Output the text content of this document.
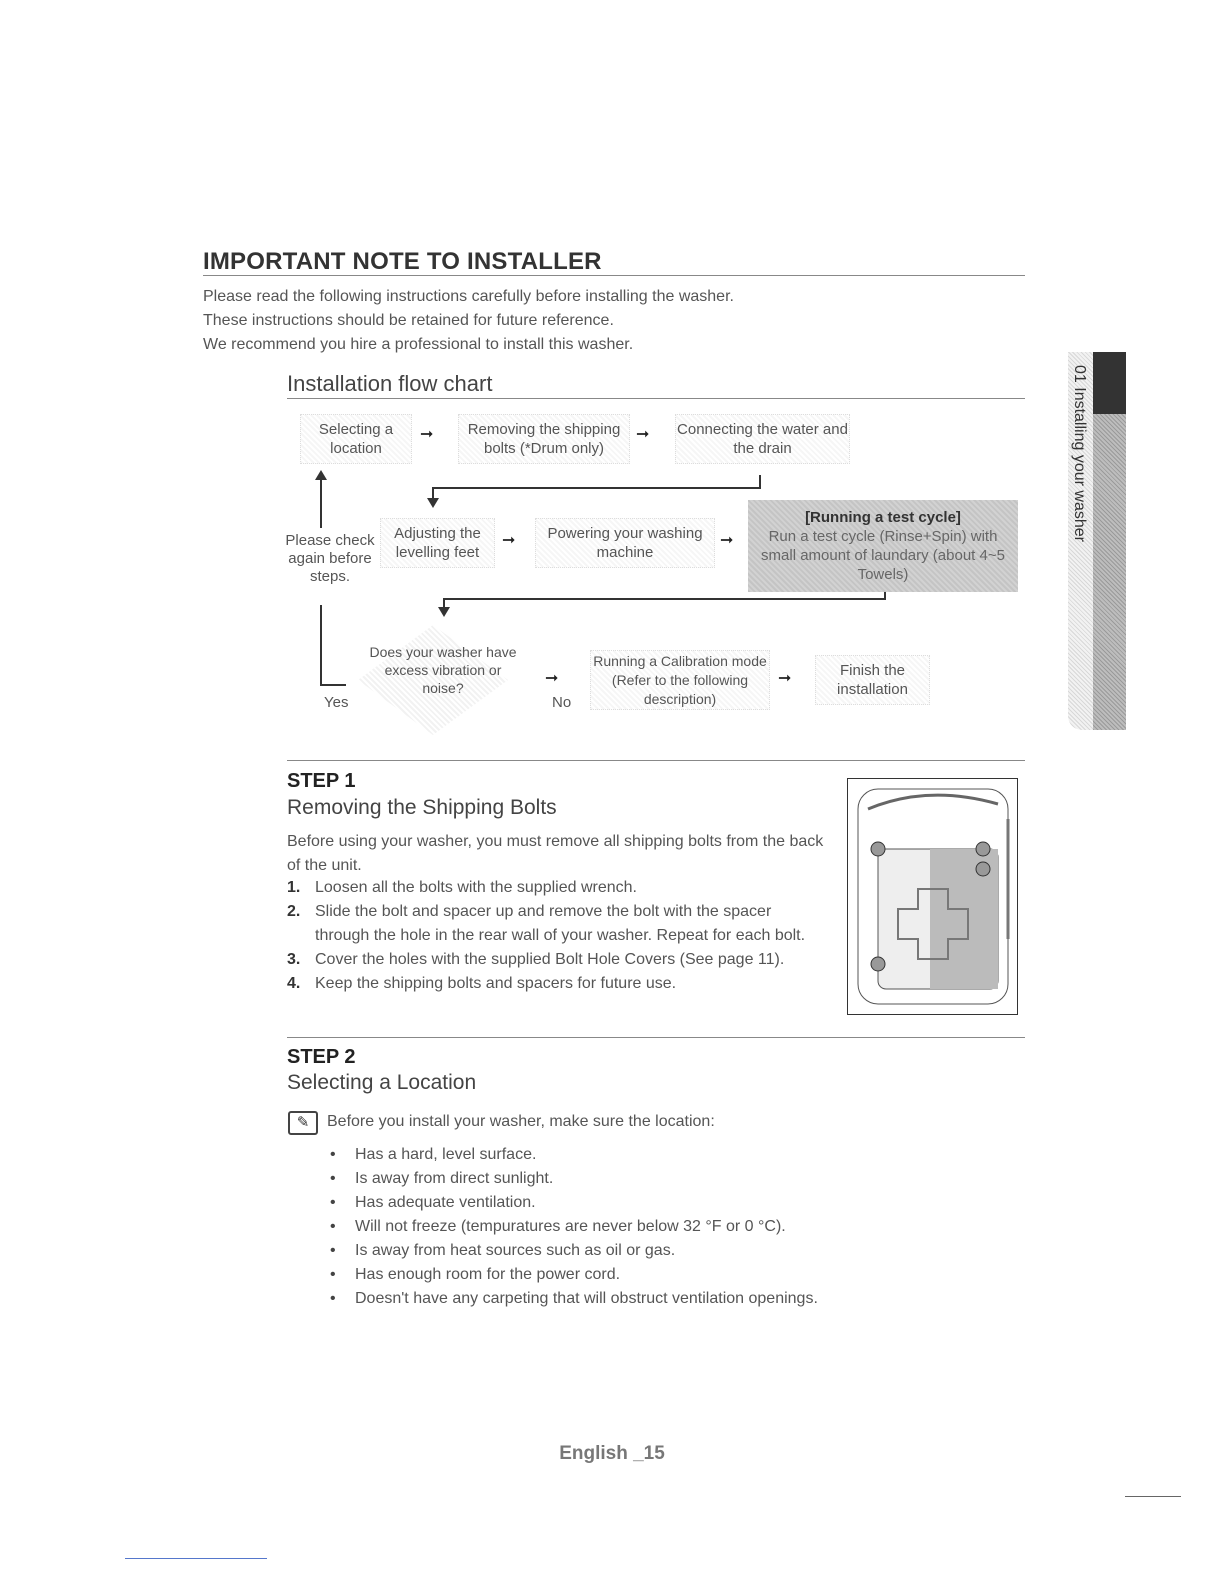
IMPORTANT NOTE TO INSTALLER
Please read the following instructions carefully before installing the washer.
These instructions should be retained for future reference.
We recommend you hire a professional to install this washer.
Installation flow chart
Selecting a location
➞	Removing the shipping bolts (*Drum only)
➞ Connecting the water and the drain
Adjusting the levelling feet
➞	Powering your washing machine
➞
[Running a test cycle]
Run a test cycle (Rinse+Spin) with small amount of laundary (about 4~5 Towels)
Please check again before steps.
Yes
Does your washer have excess vibration or noise?
➞
No
Running a Calibration mode (Refer to the following description)
➞	Finish the installation
STEP 1
Removing the Shipping Bolts
Before using your washer, you must remove all shipping bolts from the back of the unit.
1. Loosen all the bolts with the supplied wrench.
2. Slide the bolt and spacer up and remove the bolt with the spacer through the hole in the rear wall of your washer. Repeat for each bolt.
3. Cover the holes with the supplied Bolt Hole Covers (See page 11).
4. Keep the shipping bolts and spacers for future use.
STEP 2
Selecting a Location
✎	Before you install your washer, make sure the location:
• Has a hard, level surface.
• Is away from direct sunlight.
• Has adequate ventilation.
• Will not freeze (tempuratures are never below 32 °F or 0 °C).
• Is away from heat sources such as oil or gas.
• Has enough room for the power cord.
• Doesn't have any carpeting that will obstruct ventilation openings.
01 Installing your washer
English _15
